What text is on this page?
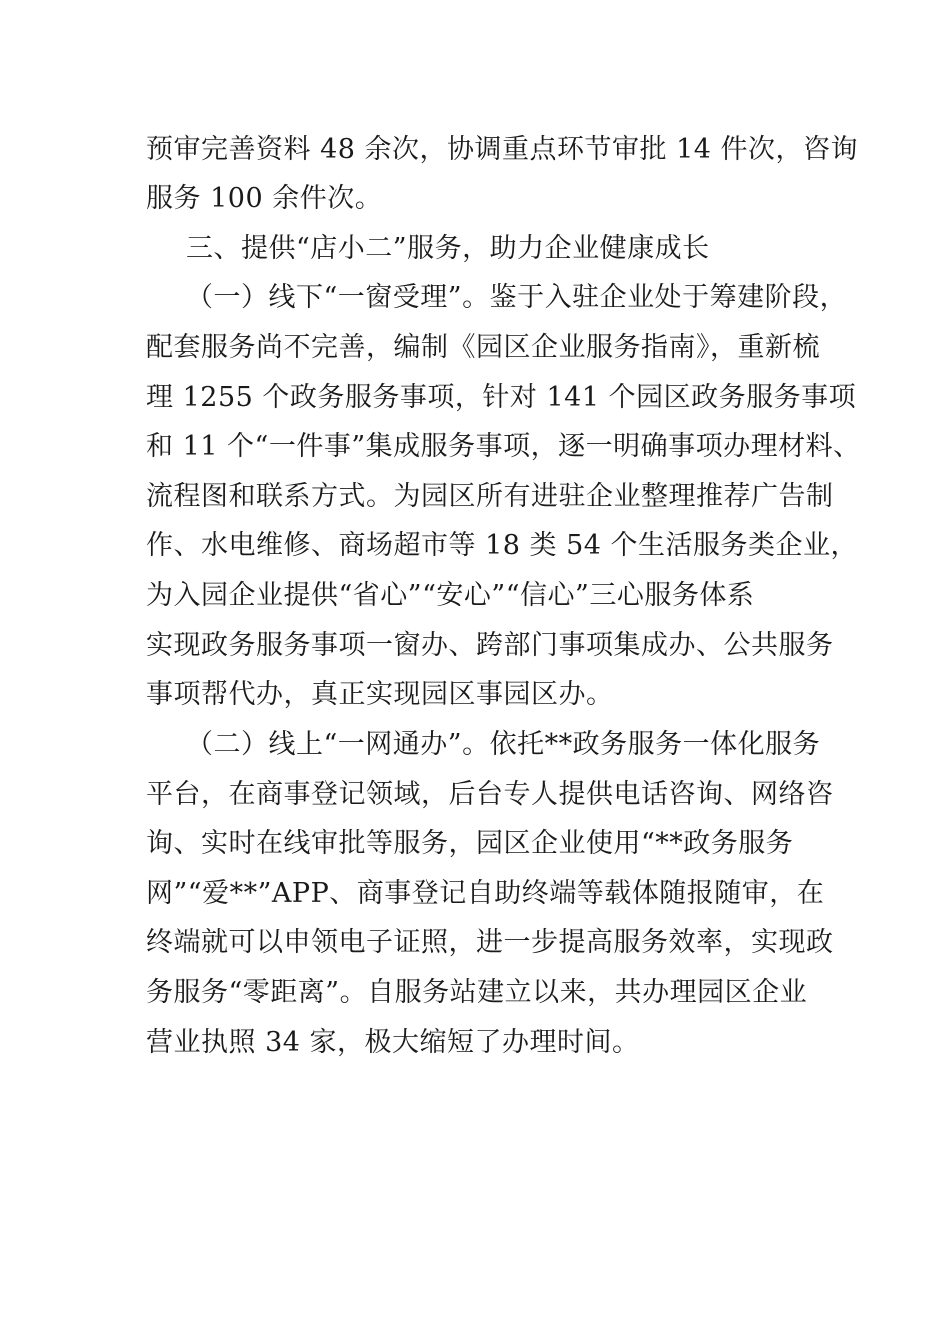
预审完善资料 48 余次，协调重点环节审批 14 件次，咨询
服务 100 余件次。
三、提供“店小二”服务，助力企业健康成长
（一）线下“一窗受理”。鉴于入驻企业处于筹建阶段，
配套服务尚不完善，编制《园区企业服务指南》，重新梳
理 1255 个政务服务事项，针对 141 个园区政务服务事项
和 11 个“一件事”集成服务事项，逐一明确事项办理材料、
流程图和联系方式。为园区所有进驻企业整理推荐广告制
作、水电维修、商场超市等 18 类 54 个生活服务类企业，
为入园企业提供“省心”“安心”“信心”三心服务体系
实现政务服务事项一窗办、跨部门事项集成办、公共服务
事项帮代办，真正实现园区事园区办。
（二）线上“一网通办”。依托**政务服务一体化服务
平台，在商事登记领域，后台专人提供电话咨询、网络咨
询、实时在线审批等服务，园区企业使用“**政务服务
网”“爱**”APP、商事登记自助终端等载体随报随审，在
终端就可以申领电子证照，进一步提高服务效率，实现政
务服务“零距离”。自服务站建立以来，共办理园区企业
营业执照 34 家，极大缩短了办理时间。
